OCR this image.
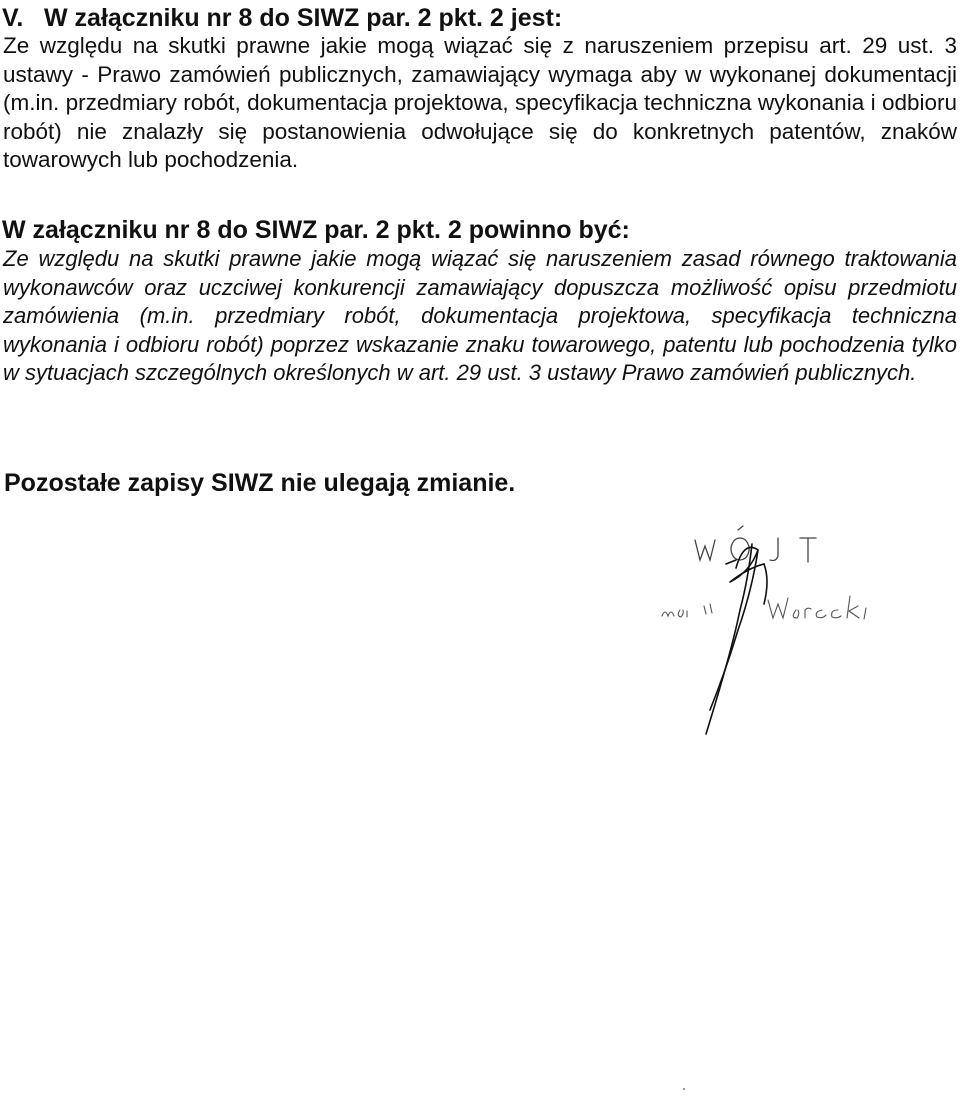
V. W załączniku nr 8 do SIWZ par. 2 pkt. 2 jest:

Ze względu na skutki prawne jakie mogą wiązać się z naruszeniem przepisu art. 29 ust. 3 ustawy - Prawo zamówień publicznych, zamawiający wymaga aby w wykonanej dokumentacji (m.in. przedmiary robót, dokumentacja projektowa, specyfikacja techniczna wykonania i odbioru robót) nie znalazły się postanowienia odwołujące się do konkretnych patentów, znaków towarowych lub pochodzenia.

W załączniku nr 8 do SIWZ par. 2 pkt. 2 powinno być:

Ze względu na skutki prawne jakie mogą wiązać się naruszeniem zasad równego traktowania wykonawców oraz uczciwej konkurencji zamawiający dopuszcza możliwość opisu przedmiotu zamówienia (m.in. przedmiary robót, dokumentacja projektowa, specyfikacja techniczna wykonania i odbioru robót) poprzez wskazanie znaku towarowego, patentu lub pochodzenia tylko w sytuacjach szczególnych określonych w art. 29 ust. 3 ustawy Prawo zamówień publicznych.

Pozostałe zapisy SIWZ nie ulegają zmianie.
